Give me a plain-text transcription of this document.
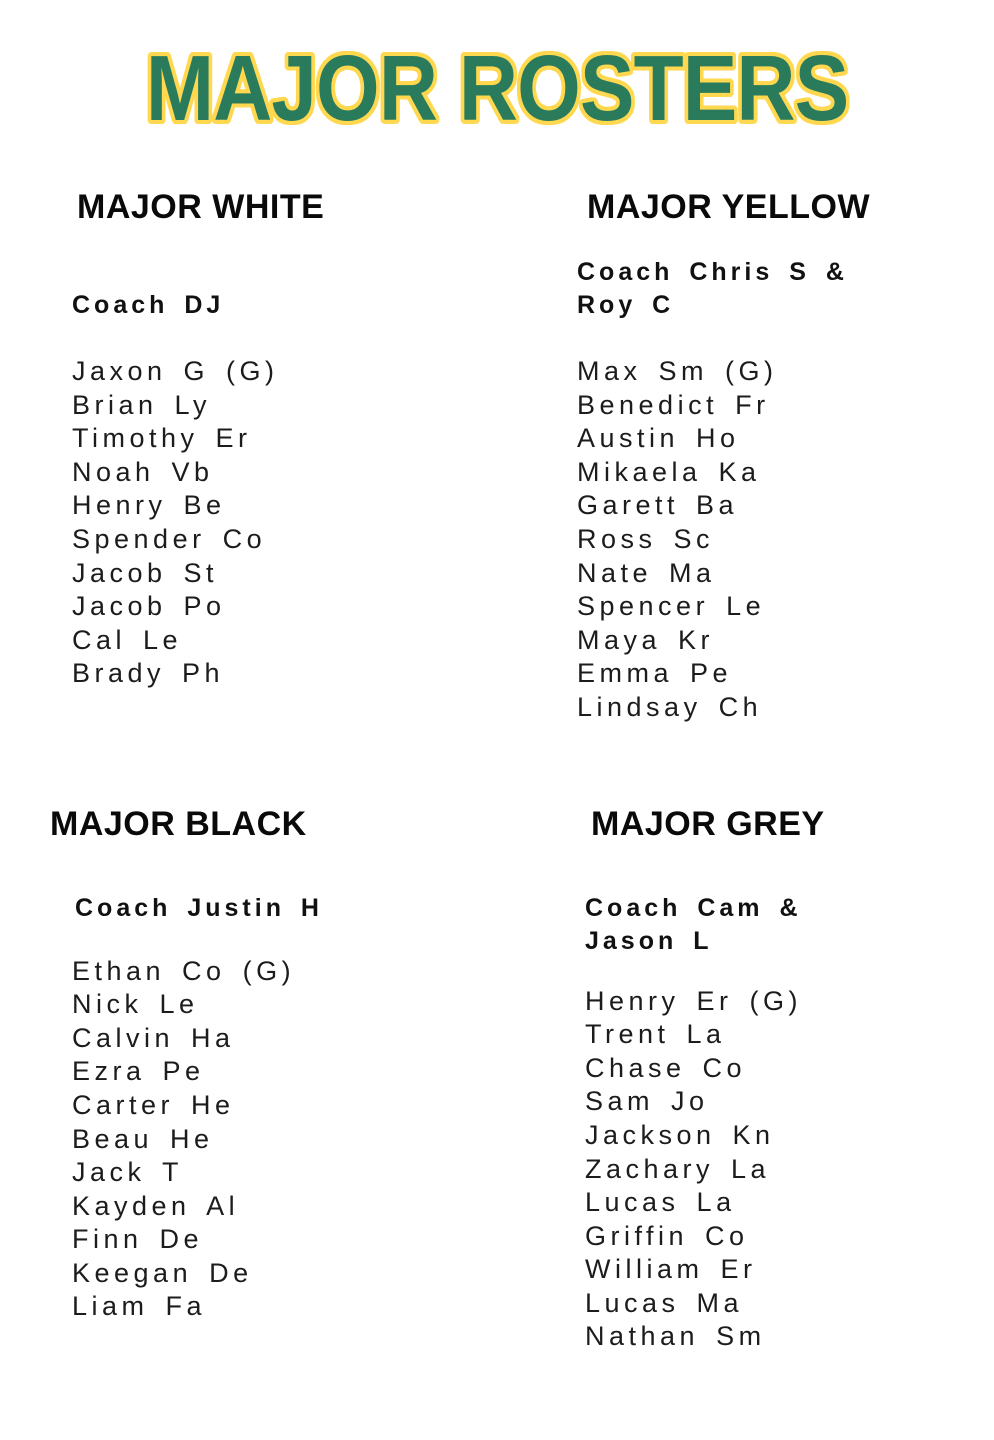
MAJOR ROSTERS
MAJOR WHITE
Coach DJ
Jaxon G (G)
Brian Ly
Timothy Er
Noah Vb
Henry Be
Spender Co
Jacob St
Jacob Po
Cal Le
Brady Ph
MAJOR YELLOW
Coach Chris S &
Roy C
Max Sm (G)
Benedict Fr
Austin Ho
Mikaela Ka
Garett Ba
Ross Sc
Nate Ma
Spencer Le
Maya Kr
Emma Pe
Lindsay Ch
MAJOR BLACK
Coach Justin H
Ethan Co (G)
Nick Le
Calvin Ha
Ezra Pe
Carter He
Beau He
Jack T
Kayden Al
Finn De
Keegan De
Liam Fa
MAJOR GREY
Coach Cam &
Jason L
Henry Er (G)
Trent La
Chase Co
Sam Jo
Jackson Kn
Zachary La
Lucas La
Griffin Co
William Er
Lucas Ma
Nathan Sm
